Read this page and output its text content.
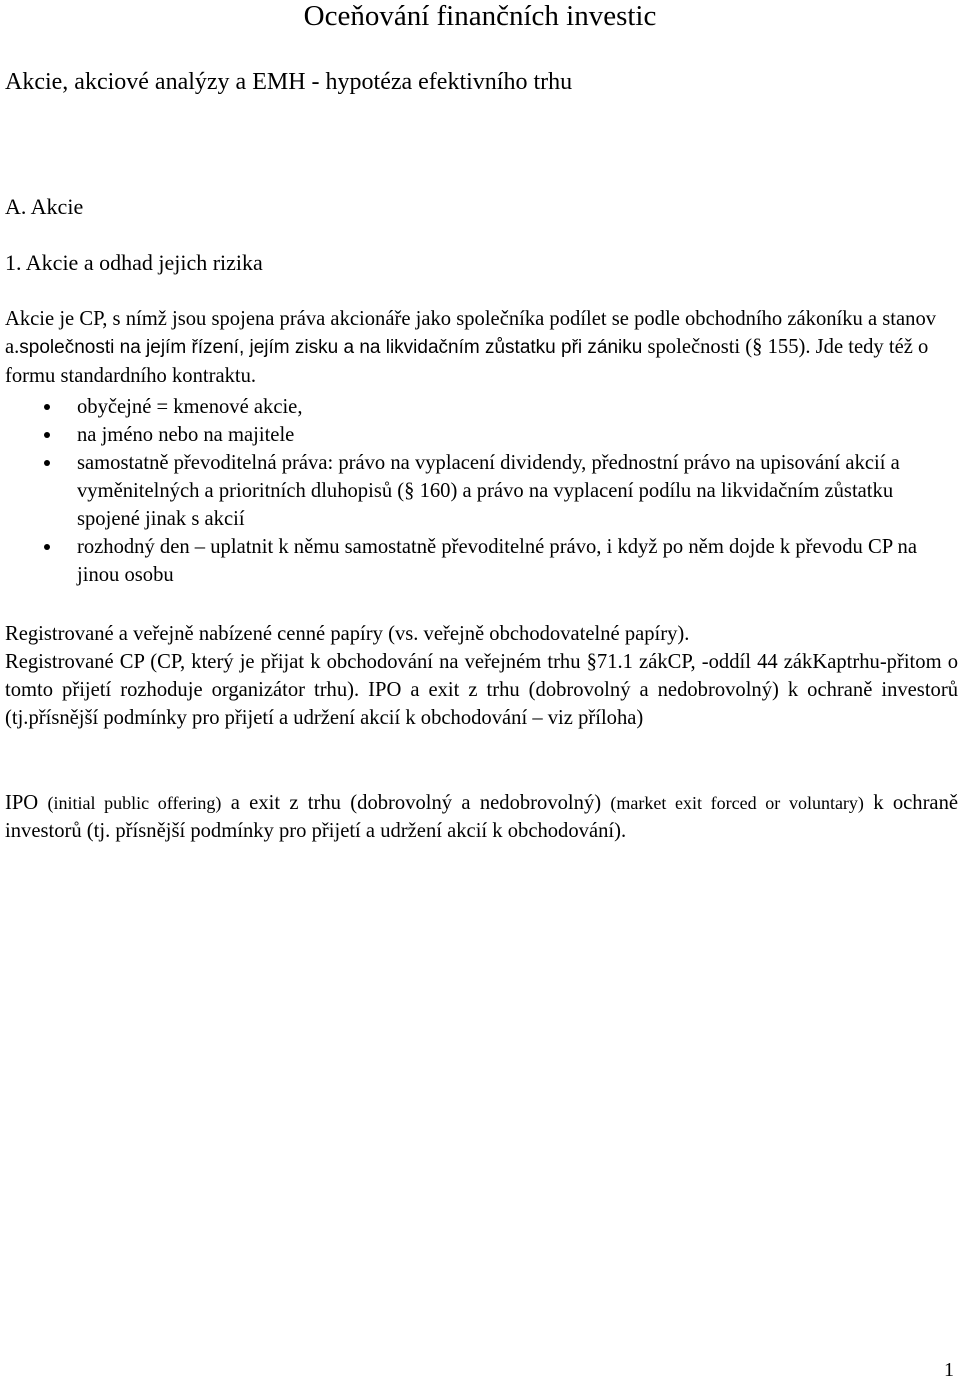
Oceňování finančních investic
Akcie, akciové analýzy a EMH - hypotéza efektivního trhu
A. Akcie
1. Akcie a odhad jejich rizika

Akcie je CP, s nímž jsou spojena práva akcionáře jako společníka podílet se podle obchodního zákoníku a stanov a.společnosti na jejím řízení, jejím zisku a na likvidačním zůstatku při zániku společnosti (§ 155). Jde tedy též o formu standardního kontraktu.

obyčejné = kmenové akcie,
na jméno nebo na majitele
samostatně převoditelná práva: právo na vyplacení dividendy, přednostní právo na upisování akcií a vyměnitelných a prioritních dluhopisů (§ 160) a právo na vyplacení podílu na likvidačním zůstatku spojené jinak s akcií
rozhodný den – uplatnit k němu samostatně převoditelné právo, i když po něm dojde k převodu CP na jinou osobu

Registrované a veřejně nabízené cenné papíry (vs. veřejně obchodovatelné papíry).

Registrované CP (CP, který je přijat k obchodování na veřejném trhu §71.1 zákCP, -oddíl 44 zákKaptrhu-přitom o tomto přijetí rozhoduje organizátor trhu). IPO a exit z trhu (dobrovolný a nedobrovolný) k ochraně investorů (tj.přísnější podmínky pro přijetí a udržení akcií k obchodování – viz příloha)

IPO (initial public offering) a exit z trhu (dobrovolný a nedobrovolný) (market exit forced or voluntary) k ochraně investorů (tj. přísnější podmínky pro přijetí a udržení akcií k obchodování).

1
